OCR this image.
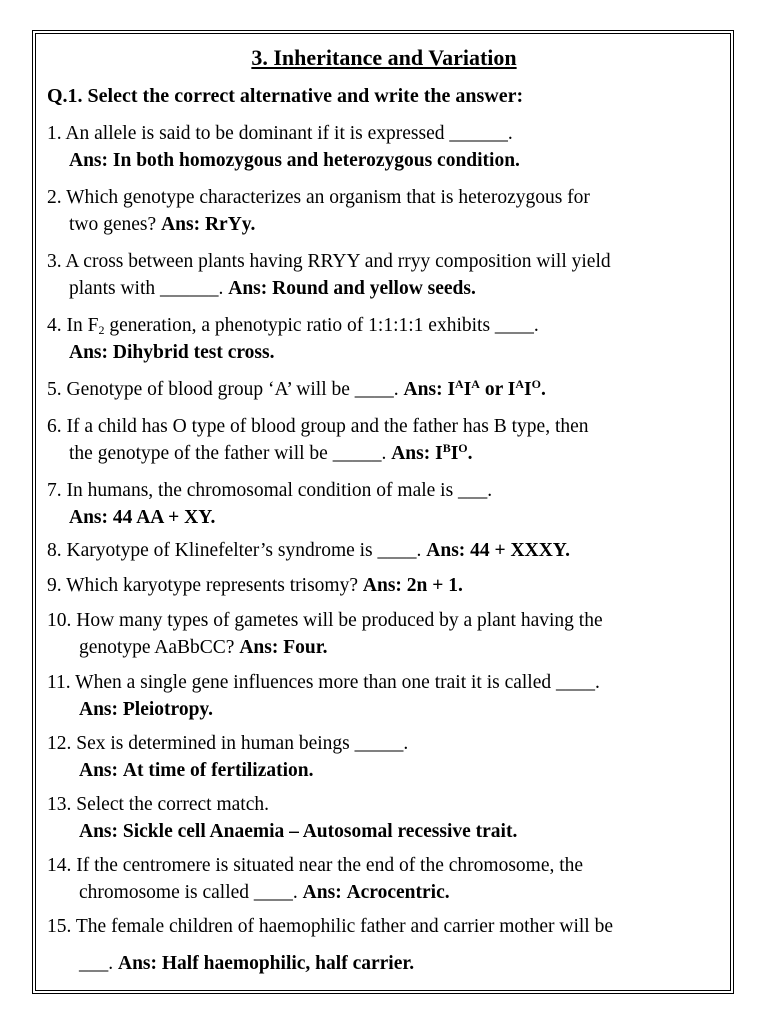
3. Inheritance and Variation
Q.1. Select the correct alternative and write the answer:
1. An allele is said to be dominant if it is expressed ______.
Ans: In both homozygous and heterozygous condition.
2. Which genotype characterizes an organism that is heterozygous for
two genes? Ans: RrYy.
3. A cross between plants having RRYY and rryy composition will yield
plants with ______. Ans: Round and yellow seeds.
4. In $F_2$ generation, a phenotypic ratio of 1:1:1:1 exhibits ____.
Ans: Dihybrid test cross.
5. Genotype of blood group ‘A’ will be ____. Ans: $I^AI^A$ or $I^AI^O$.
6. If a child has O type of blood group and the father has B type, then
the genotype of the father will be _____. Ans: $I^BI^O$.
7. In humans, the chromosomal condition of male is ___.
Ans: 44 AA + XY.
8. Karyotype of Klinefelter’s syndrome is ____. Ans: 44 + XXXY.
9. Which karyotype represents trisomy? Ans: 2n + 1.
10. How many types of gametes will be produced by a plant having the
genotype AaBbCC? Ans: Four.
11. When a single gene influences more than one trait it is called ____.
Ans: Pleiotropy.
12. Sex is determined in human beings _____.
Ans: At time of fertilization.
13. Select the correct match.
Ans: Sickle cell Anaemia – Autosomal recessive trait.
14. If the centromere is situated near the end of the chromosome, the
chromosome is called ____. Ans: Acrocentric.
15. The female children of haemophilic father and carrier mother will be
___. Ans: Half haemophilic, half carrier.
